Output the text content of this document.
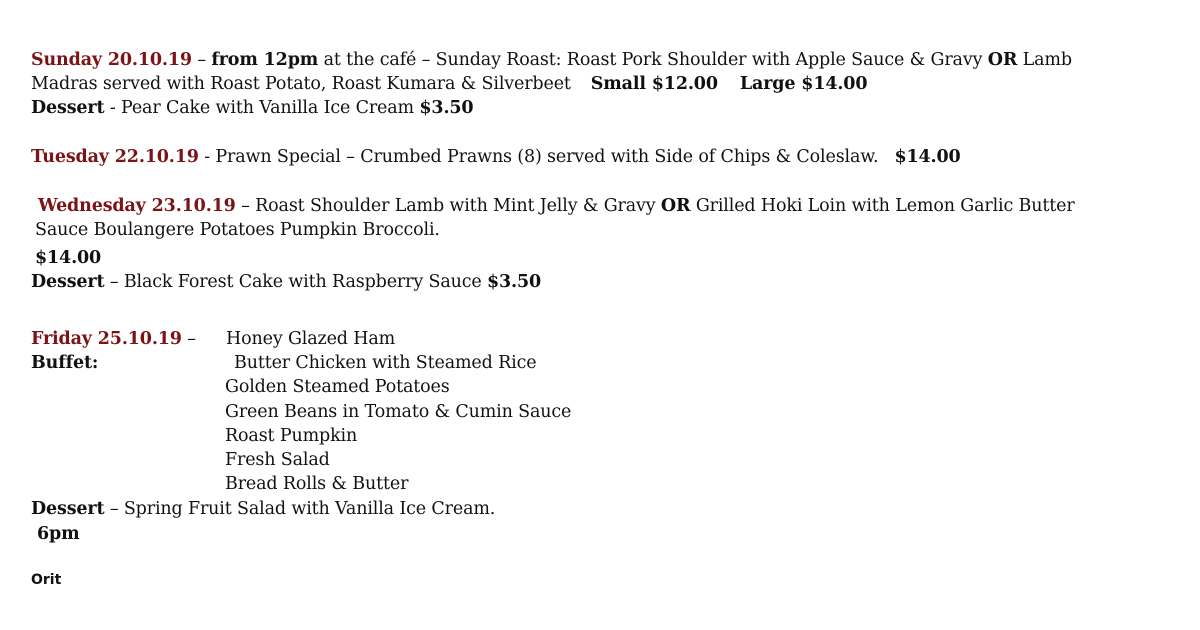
Sunday 20.10.19 – from 12pm at the café – Sunday Roast: Roast Pork Shoulder with Apple Sauce & Gravy OR Lamb
Madras served with Roast Potato, Roast Kumara & Silverbeet Small $12.00 Large $14.00
Dessert - Pear Cake with Vanilla Ice Cream $3.50
Tuesday 22.10.19 - Prawn Special – Crumbed Prawns (8) served with Side of Chips & Coleslaw. $14.00
Wednesday 23.10.19 – Roast Shoulder Lamb with Mint Jelly & Gravy OR Grilled Hoki Loin with Lemon Garlic Butter
Sauce Boulangere Potatoes Pumpkin Broccoli.
$14.00
Dessert – Black Forest Cake with Raspberry Sauce $3.50
Friday 25.10.19 –
Buffet:
Honey Glazed Ham
Butter Chicken with Steamed Rice
Golden Steamed Potatoes
Green Beans in Tomato & Cumin Sauce
Roast Pumpkin
Fresh Salad
Bread Rolls & Butter
Dessert – Spring Fruit Salad with Vanilla Ice Cream.
6pm
Orit
